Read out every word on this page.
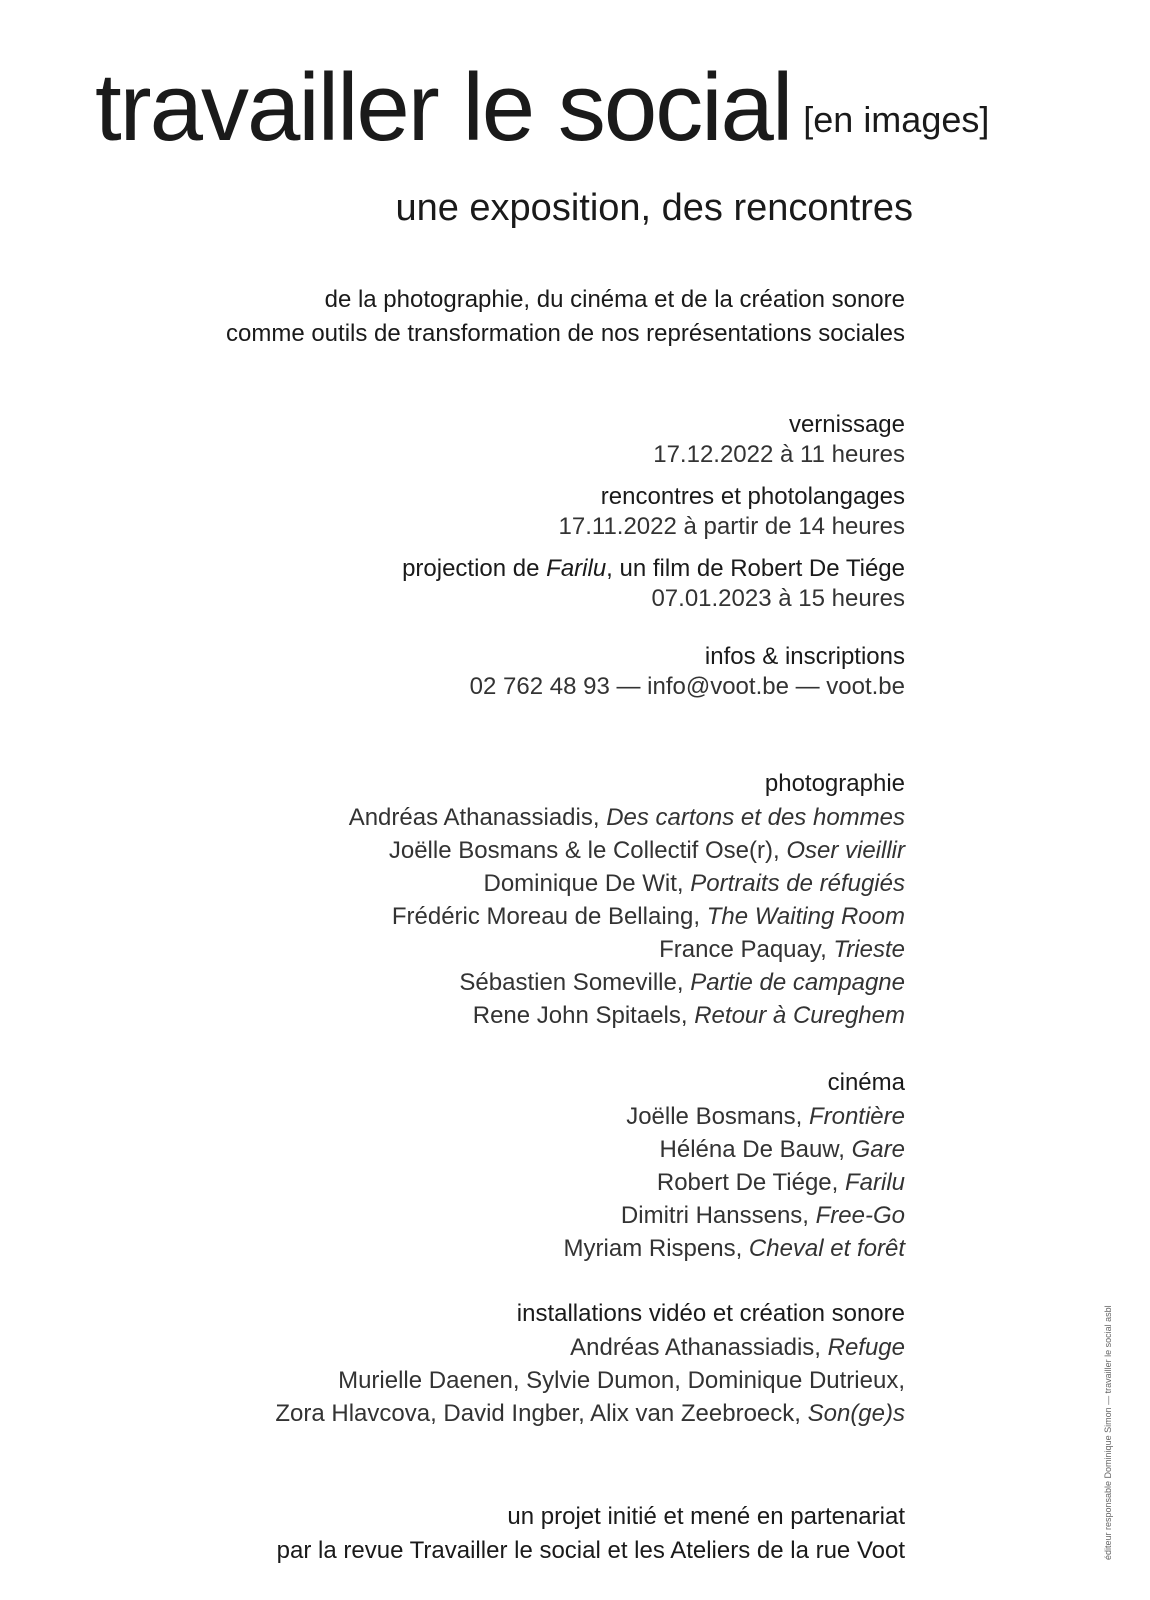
travailler le social [en images]
une exposition, des rencontres
de la photographie, du cinéma et de la création sonore
comme outils de transformation de nos représentations sociales
vernissage
17.12.2022 à 11 heures
rencontres et photolangages
17.11.2022 à partir de 14 heures
projection de Farilu, un film de Robert De Tiége
07.01.2023 à 15 heures
infos & inscriptions
02 762 48 93 — info@voot.be — voot.be
photographie
Andréas Athanassiadis, Des cartons et des hommes
Joëlle Bosmans & le Collectif Ose(r), Oser vieillir
Dominique De Wit, Portraits de réfugiés
Frédéric Moreau de Bellaing, The Waiting Room
France Paquay, Trieste
Sébastien Someville, Partie de campagne
Rene John Spitaels, Retour à Cureghem
cinéma
Joëlle Bosmans, Frontière
Héléna De Bauw, Gare
Robert De Tiége, Farilu
Dimitri Hanssens, Free-Go
Myriam Rispens, Cheval et forêt
installations vidéo et création sonore
Andréas Athanassiadis, Refuge
Murielle Daenen, Sylvie Dumon, Dominique Dutrieux,
Zora Hlavcova, David Ingber, Alix van Zeebroeck, Son(ge)s
un projet initié et mené en partenariat
par la revue Travailler le social et les Ateliers de la rue Voot	éditeur responsable Dominique Simon — travailler le social asbl
